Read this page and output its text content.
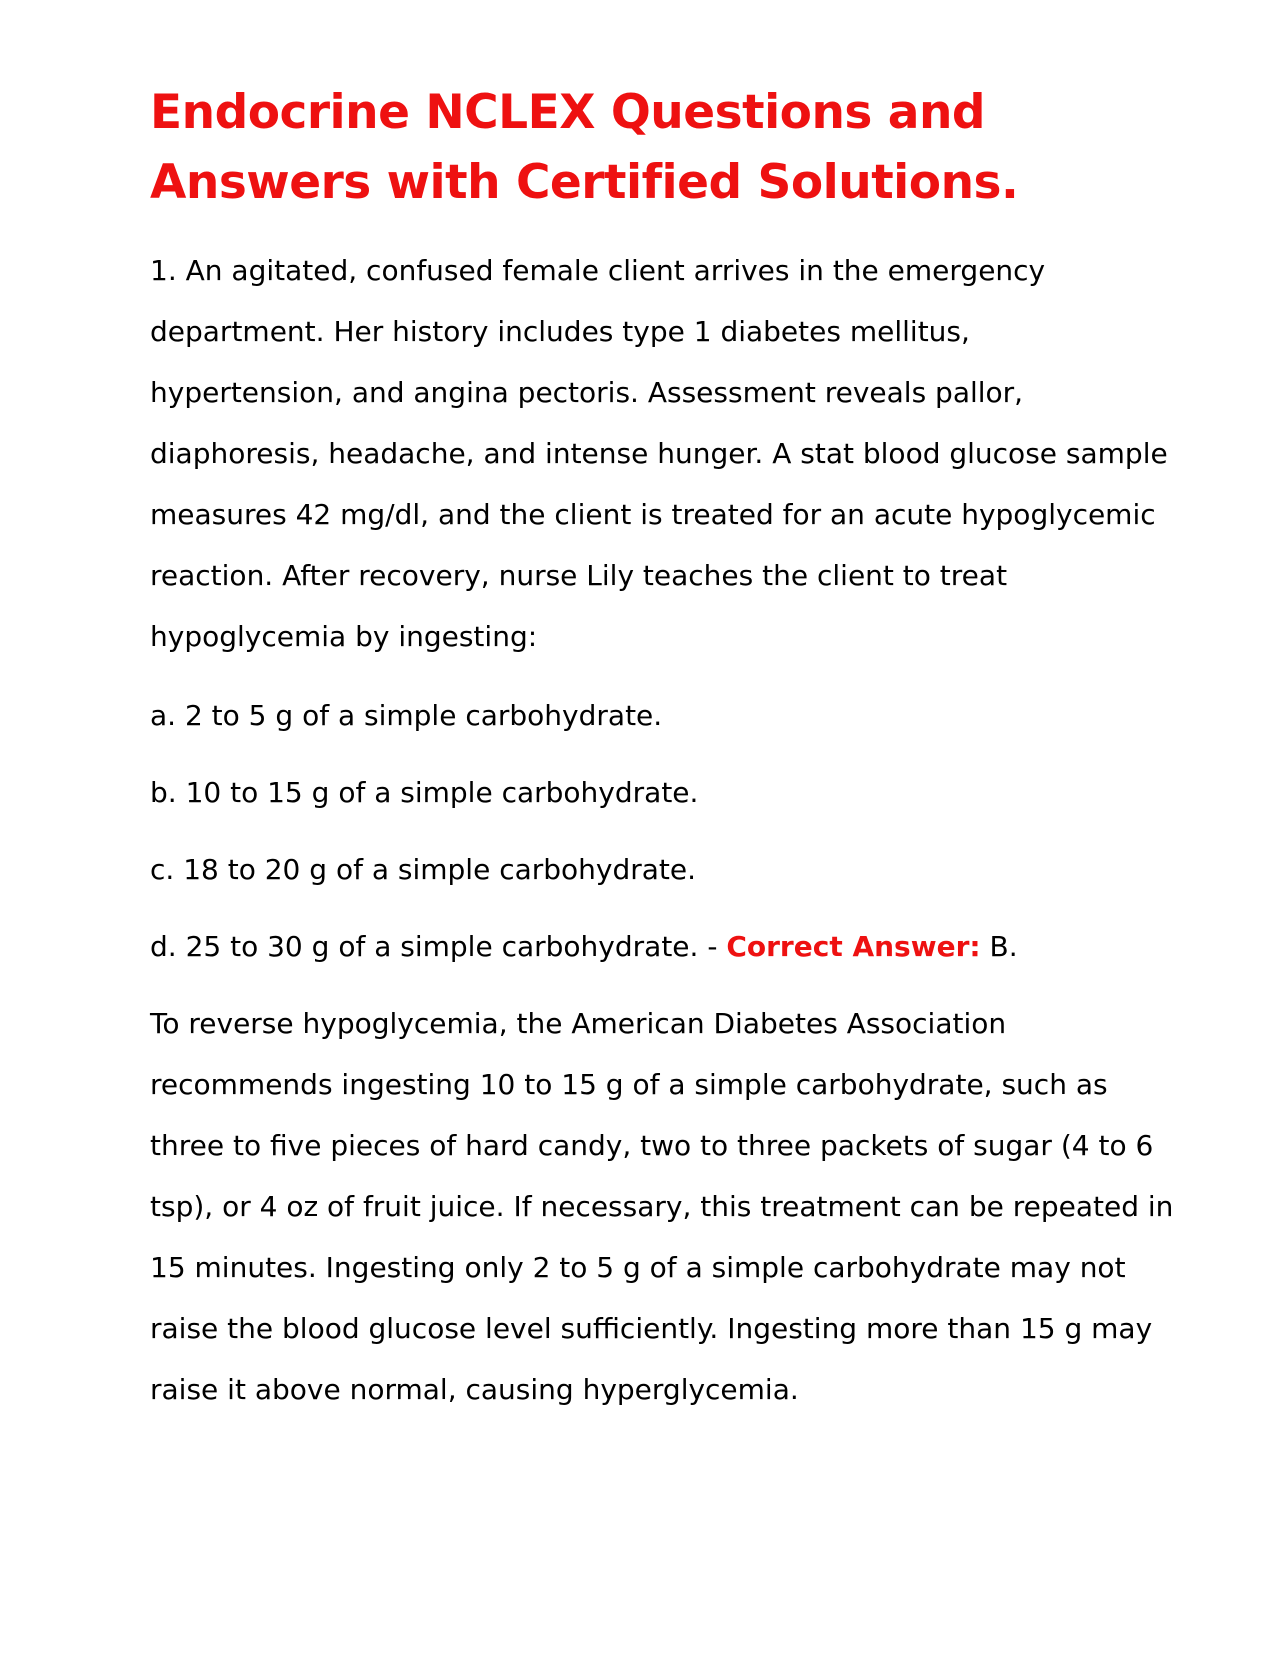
Endocrine NCLEX Questions and
Answers with Certified Solutions.
1. An agitated, confused female client arrives in the emergency
department. Her history includes type 1 diabetes mellitus,
hypertension, and angina pectoris. Assessment reveals pallor,
diaphoresis, headache, and intense hunger. A stat blood glucose sample
measures 42 mg/dl, and the client is treated for an acute hypoglycemic
reaction. After recovery, nurse Lily teaches the client to treat
hypoglycemia by ingesting:
a. 2 to 5 g of a simple carbohydrate.
b. 10 to 15 g of a simple carbohydrate.
c. 18 to 20 g of a simple carbohydrate.
d. 25 to 30 g of a simple carbohydrate. - Correct Answer: B.
To reverse hypoglycemia, the American Diabetes Association
recommends ingesting 10 to 15 g of a simple carbohydrate, such as
three to five pieces of hard candy, two to three packets of sugar (4 to 6
tsp), or 4 oz of fruit juice. If necessary, this treatment can be repeated in
15 minutes. Ingesting only 2 to 5 g of a simple carbohydrate may not
raise the blood glucose level sufficiently. Ingesting more than 15 g may
raise it above normal, causing hyperglycemia.
